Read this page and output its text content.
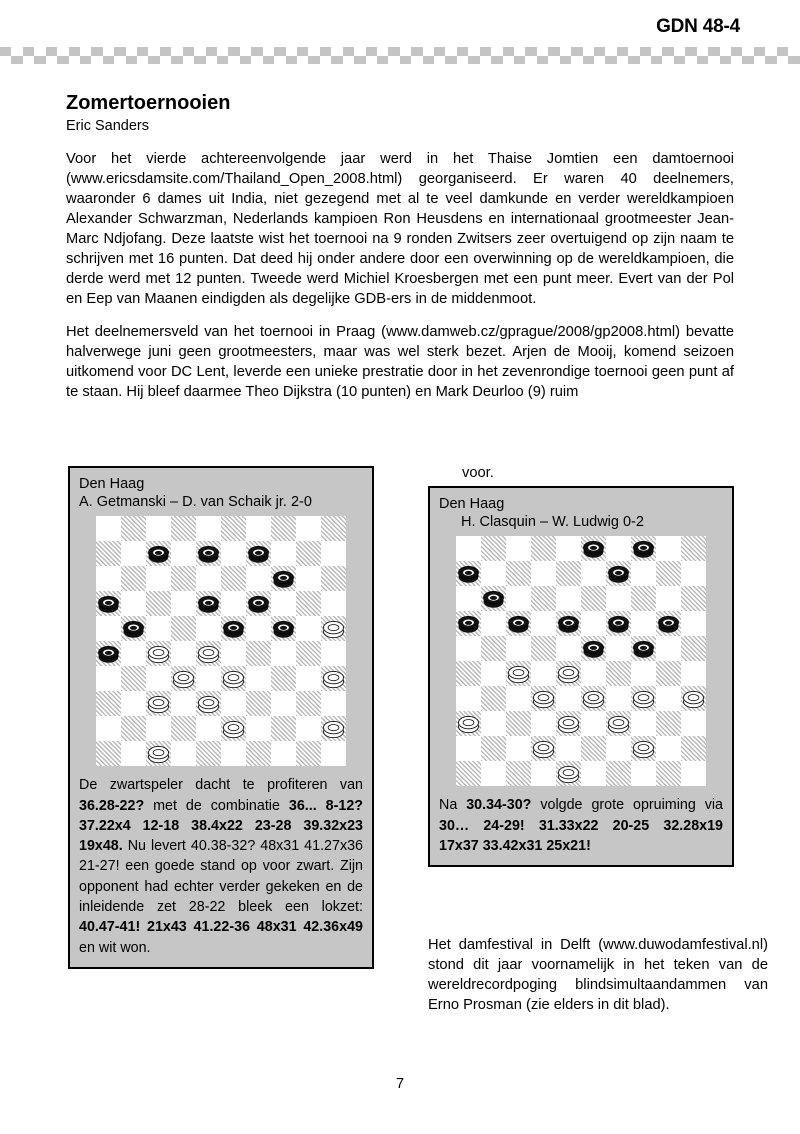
GDN 48-4
Zomertoernooien
Eric Sanders

Voor het vierde achtereenvolgende jaar werd in het Thaise Jomtien een damtoernooi (www.ericsdamsite.com/Thailand_Open_2008.html) georganiseerd. Er waren 40 deelnemers, waaronder 6 dames uit India, niet gezegend met al te veel damkunde en verder wereldkampioen Alexander Schwarzman, Nederlands kampioen Ron Heusdens en internationaal grootmeester Jean-Marc Ndjofang. Deze laatste wist het toernooi na 9 ronden Zwitsers zeer overtuigend op zijn naam te schrijven met 16 punten. Dat deed hij onder andere door een overwinning op de wereldkampioen, die derde werd met 12 punten. Tweede werd Michiel Kroesbergen met een punt meer. Evert van der Pol en Eep van Maanen eindigden als degelijke GDB-ers in de middenmoot.

Het deelnemersveld van het toernooi in Praag (www.damweb.cz/gprague/2008/gp2008.html) bevatte halverwege juni geen grootmeesters, maar was wel sterk bezet. Arjen de Mooij, komend seizoen uitkomend voor DC Lent, leverde een unieke prestratie door in het zevenrondige toernooi geen punt af te staan. Hij bleef daarmee Theo Dijkstra (10 punten) en Mark Deurloo (9) ruim

voor.
Den Haag
A. Getmanski – D. van Schaik jr. 2-0
De zwartspeler dacht te profiteren van 36.28-22? met de combinatie 36... 8-12? 37.22x4 12-18 38.4x22 23-28 39.32x23 19x48. Nu levert 40.38-32? 48x31 41.27x36 21-27! een goede stand op voor zwart. Zijn opponent had echter verder gekeken en de inleidende zet 28-22 bleek een lokzet: 40.47-41! 21x43 41.22-36 48x31 42.36x49 en wit won.
Den Haag
H. Clasquin – W. Ludwig 0-2
Na 30.34-30? volgde grote opruiming via 30… 24-29! 31.33x22 20-25 32.28x19 17x37 33.42x31 25x21!

Het damfestival in Delft (www.duwodamfestival.nl) stond dit jaar voornamelijk in het teken van de wereldrecordpoging blindsimultaandammen van Erno Prosman (zie elders in dit blad).

7
